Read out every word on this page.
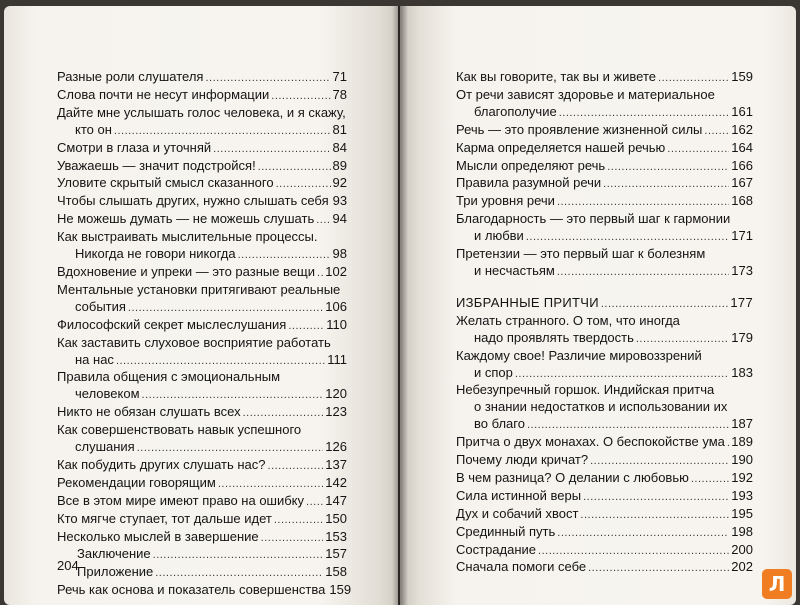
Разные роли слушателя .....	71
Слова почти не несут информации .....	78
Дайте мне услышать голос человека, и я скажу,
кто он .....	81
Смотри в глаза и уточняй .....	84
Уважаешь — значит подстройся! .....	89
Уловите скрытый смысл сказанного .....	92
Чтобы слышать других, нужно слышать себя 93
Не можешь думать — не можешь слушать ..... 94
Как выстраивать мыслительные процессы.
Никогда не говори никогда .....	98
Вдохновение и упреки — это разные вещи ..... 102
Ментальные установки притягивают реальные
события .....	106
Философский секрет мыслеслушания .....	110
Как заставить слуховое восприятие работать
на нас .....	111
Правила общения с эмоциональным
человеком .....	120
Никто не обязан слушать всех .....	123
Как совершенствовать навык успешного
слушания .....	126
Как побудить других слушать нас? .....	137
Рекомендации говорящим .....	142
Все в этом мире имеют право на ошибку ..... 147
Кто мягче ступает, тот дальше идет .....	150
Несколько мыслей в завершение .....	153
Заключение .....	157
Приложение .....	158
Речь как основа и показатель совершенства 159
204
Как вы говорите, так вы и живете .....	159
От речи зависят здоровье и материальное
благополучие .....	161
Речь — это проявление жизненной силы ..... 162
Карма определяется нашей речью .....	164
Мысли определяют речь .....	166
Правила разумной речи .....	167
Три уровня речи .....	168
Благодарность — это первый шаг к гармонии
и любви .....	171
Претензии — это первый шаг к болезням
и несчастьям .....	173
ИЗБРАННЫЕ ПРИТЧИ .....	177
Желать странного. О том, что иногда
надо проявлять твердость .....	179
Каждому свое! Различие мировоззрений
и спор .....	183
Небезупречный горшок. Индийская притча
о знании недостатков и использовании их
во благо .....	187
Притча о двух монахах. О беспокойстве ума ..... 189
Почему люди кричат? .....	190
В чем разница? О делании с любовью .....	192
Сила истинной веры .....	193
Дух и собачий хвост .....	195
Срединный путь .....	198
Сострадание .....	200
Сначала помоги себе .....	202
Л
